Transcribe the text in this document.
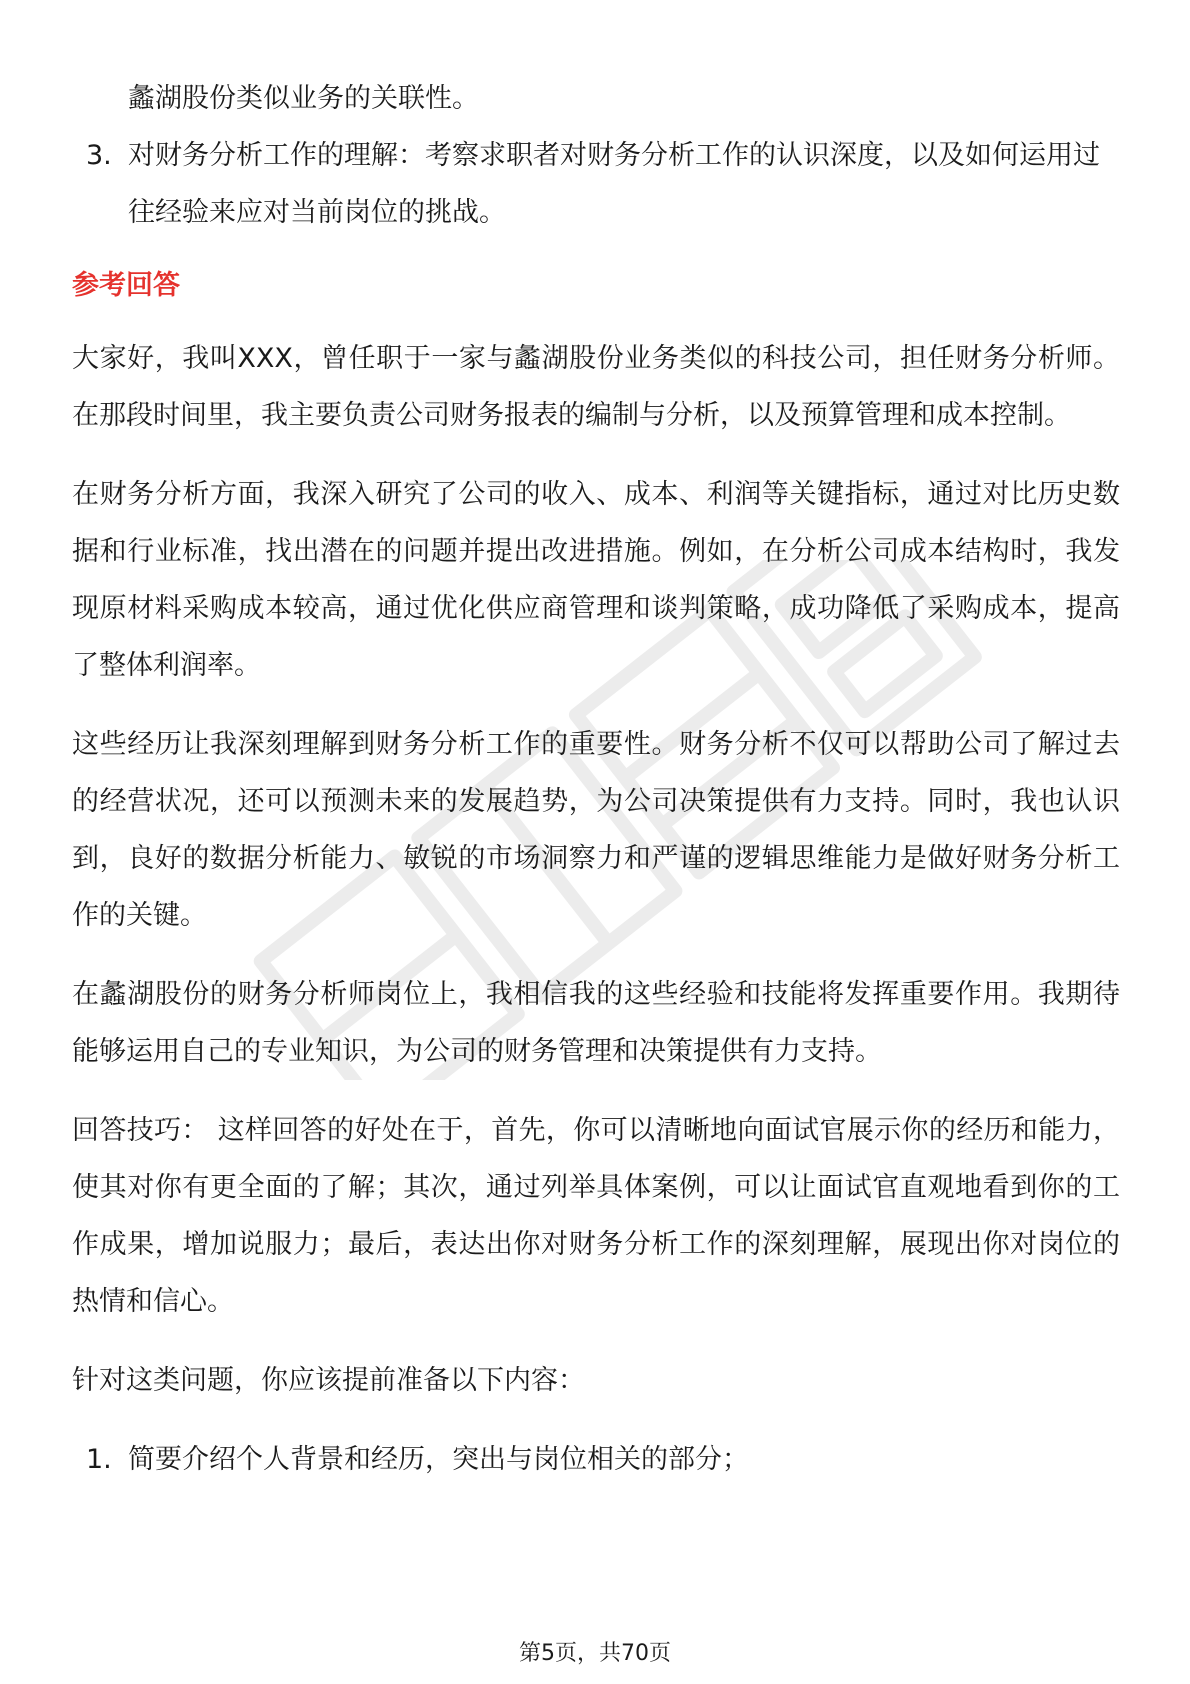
蠡湖股份类似业务的关联性。

3. 对财务分析工作的理解：考察求职者对财务分析工作的认识深度，以及如何运用过往经验来应对当前岗位的挑战。
参考回答

大家好，我叫XXX，曾任职于一家与蠡湖股份业务类似的科技公司，担任财务分析师。在那段时间里，我主要负责公司财务报表的编制与分析，以及预算管理和成本控制。

在财务分析方面，我深入研究了公司的收入、成本、利润等关键指标，通过对比历史数据和行业标准，找出潜在的问题并提出改进措施。例如，在分析公司成本结构时，我发现原材料采购成本较高，通过优化供应商管理和谈判策略，成功降低了采购成本，提高了整体利润率。

这些经历让我深刻理解到财务分析工作的重要性。财务分析不仅可以帮助公司了解过去的经营状况，还可以预测未来的发展趋势，为公司决策提供有力支持。同时，我也认识到，良好的数据分析能力、敏锐的市场洞察力和严谨的逻辑思维能力是做好财务分析工作的关键。

在蠡湖股份的财务分析师岗位上，我相信我的这些经验和技能将发挥重要作用。我期待能够运用自己的专业知识，为公司的财务管理和决策提供有力支持。

回答技巧： 这样回答的好处在于，首先，你可以清晰地向面试官展示你的经历和能力，使其对你有更全面的了解；其次，通过列举具体案例，可以让面试官直观地看到你的工作成果，增加说服力；最后，表达出你对财务分析工作的深刻理解，展现出你对岗位的热情和信心。

针对这类问题，你应该提前准备以下内容：

1. 简要介绍个人背景和经历，突出与岗位相关的部分；
第5页，共70页
